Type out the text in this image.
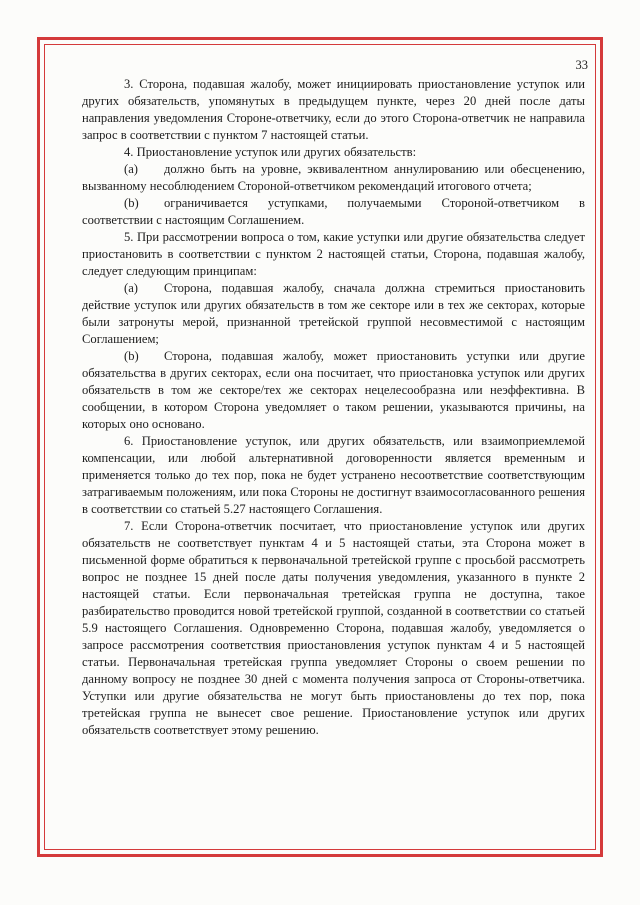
33

3. Сторона, подавшая жалобу, может инициировать приостановление уступок или других обязательств, упомянутых в предыдущем пункте, через 20 дней после даты направления уведомления Стороне-ответчику, если до этого Сторона-ответчик не направила запрос в соответствии с пунктом 7 настоящей статьи.

4. Приостановление уступок или других обязательств:

(a) должно быть на уровне, эквивалентном аннулированию или обесценению, вызванному несоблюдением Стороной-ответчиком рекомендаций итогового отчета;

(b) ограничивается уступками, получаемыми Стороной-ответчиком в соответствии с настоящим Соглашением.

5. При рассмотрении вопроса о том, какие уступки или другие обязательства следует приостановить в соответствии с пунктом 2 настоящей статьи, Сторона, подавшая жалобу, следует следующим принципам:

(a) Сторона, подавшая жалобу, сначала должна стремиться приостановить действие уступок или других обязательств в том же секторе или в тех же секторах, которые были затронуты мерой, признанной третейской группой несовместимой с настоящим Соглашением;

(b) Сторона, подавшая жалобу, может приостановить уступки или другие обязательства в других секторах, если она посчитает, что приостановка уступок или других обязательств в том же секторе/тех же секторах нецелесообразна или неэффективна. В сообщении, в котором Сторона уведомляет о таком решении, указываются причины, на которых оно основано.

6. Приостановление уступок, или других обязательств, или взаимоприемлемой компенсации, или любой альтернативной договоренности является временным и применяется только до тех пор, пока не будет устранено несоответствие соответствующим затрагиваемым положениям, или пока Стороны не достигнут взаимосогласованного решения в соответствии со статьей 5.27 настоящего Соглашения.

7. Если Сторона-ответчик посчитает, что приостановление уступок или других обязательств не соответствует пунктам 4 и 5 настоящей статьи, эта Сторона может в письменной форме обратиться к первоначальной третейской группе с просьбой рассмотреть вопрос не позднее 15 дней после даты получения уведомления, указанного в пункте 2 настоящей статьи. Если первоначальная третейская группа не доступна, такое разбирательство проводится новой третейской группой, созданной в соответствии со статьей 5.9 настоящего Соглашения. Одновременно Сторона, подавшая жалобу, уведомляется о запросе рассмотрения соответствия приостановления уступок пунктам 4 и 5 настоящей статьи. Первоначальная третейская группа уведомляет Стороны о своем решении по данному вопросу не позднее 30 дней с момента получения запроса от Стороны-ответчика. Уступки или другие обязательства не могут быть приостановлены до тех пор, пока третейская группа не вынесет свое решение. Приостановление уступок или других обязательств соответствует этому решению.
